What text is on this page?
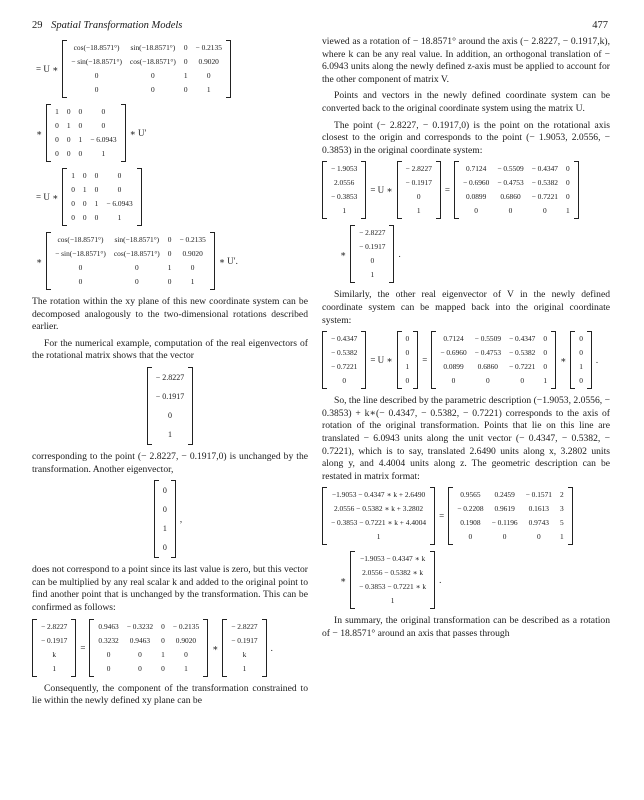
29 Spatial Transformation Models	477
= U ∗
cos(−18.8571°)	sin(−18.8571°)	0	− 0.2135
− sin(−18.8571°)	cos(−18.8571°)	0	0.9020
0	0	1	0
0	0	0	1
∗
1	0	0	0
0	1	0	0
0	0	1	− 6.0943
0	0	0	1
∗ U′
= U ∗
1	0	0	0
0	1	0	0
0	0	1	− 6.0943
0	0	0	1
∗
cos(−18.8571°)	sin(−18.8571°)	0	− 0.2135
− sin(−18.8571°)	cos(−18.8571°)	0	0.9020
0	0	1	0
0	0	0	1
∗ U′.

The rotation within the xy plane of this new coordinate system can be decomposed analogously to the two-dimensional rotations described earlier.

For the numerical example, computation of the real eigenvectors of the rotational matrix shows that the vector

− 2.8227
− 0.1917
0
1

corresponding to the point (− 2.8227, − 0.1917,0) is unchanged by the transformation. Another eigenvector,

0
0
1
0
,

does not correspond to a point since its last value is zero, but this vector can be multiplied by any real scalar k and added to the original point to find another point that is unchanged by the transformation. This can be confirmed as follows:

− 2.8227
− 0.1917
k
1
=
0.9463	− 0.3232	0	− 0.2135
0.3232	0.9463	0	0.9020
0	0	1	0
0	0	0	1
∗
− 2.8227
− 0.1917
k
1
.

Consequently, the component of the transformation constrained to lie within the newly defined xy plane can be

viewed as a rotation of − 18.8571° around the axis (− 2.8227, − 0.1917,k), where k can be any real value. In addition, an orthogonal translation of − 6.0943 units along the newly defined z-axis must be applied to account for the other component of matrix V.

Points and vectors in the newly defined coordinate system can be converted back to the original coordinate system using the matrix U.

The point (− 2.8227, − 0.1917,0) is the point on the rotational axis closest to the origin and corresponds to the point (− 1.9053, 2.0556, − 0.3853) in the original coordinate system:

− 1.9053
2.0556
− 0.3853
1
= U ∗
− 2.8227
− 0.1917
0
1
=
0.7124	− 0.5509	− 0.4347	0
− 0.6960	− 0.4753	− 0.5382	0
0.0899	0.6860	− 0.7221	0
0	0	0	1
∗
− 2.8227
− 0.1917
0
1
.

Similarly, the other real eigenvector of V in the newly defined coordinate system can be mapped back into the original coordinate system:

− 0.4347
− 0.5382
− 0.7221
0
= U ∗
0
0
1
0
=
0.7124	− 0.5509	− 0.4347	0
− 0.6960	− 0.4753	− 0.5382	0
0.0899	0.6860	− 0.7221	0
0	0	0	1
∗
0
0
1
0
.

So, the line described by the parametric description (−1.9053, 2.0556, − 0.3853) + k∗(− 0.4347, − 0.5382, − 0.7221) corresponds to the axis of rotation of the original transformation. Points that lie on this line are translated − 6.0943 units along the unit vector (− 0.4347, − 0.5382, − 0.7221), which is to say, translated 2.6490 units along x, 3.2802 units along y, and 4.4004 units along z. The geometric description can be restated in matrix format:

−1.9053 − 0.4347 ∗ k + 2.6490
2.0556 − 0.5382 ∗ k + 3.2802
− 0.3853 − 0.7221 ∗ k + 4.4004
1
=
0.9565	0.2459	− 0.1571	2
− 0.2208	0.9619	0.1613	3
0.1908	− 0.1196	0.9743	5
0	0	0	1
∗
−1.9053 − 0.4347 ∗ k
2.0556 − 0.5382 ∗ k
− 0.3853 − 0.7221 ∗ k
1
.

In summary, the original transformation can be described as a rotation of − 18.8571° around an axis that passes through
